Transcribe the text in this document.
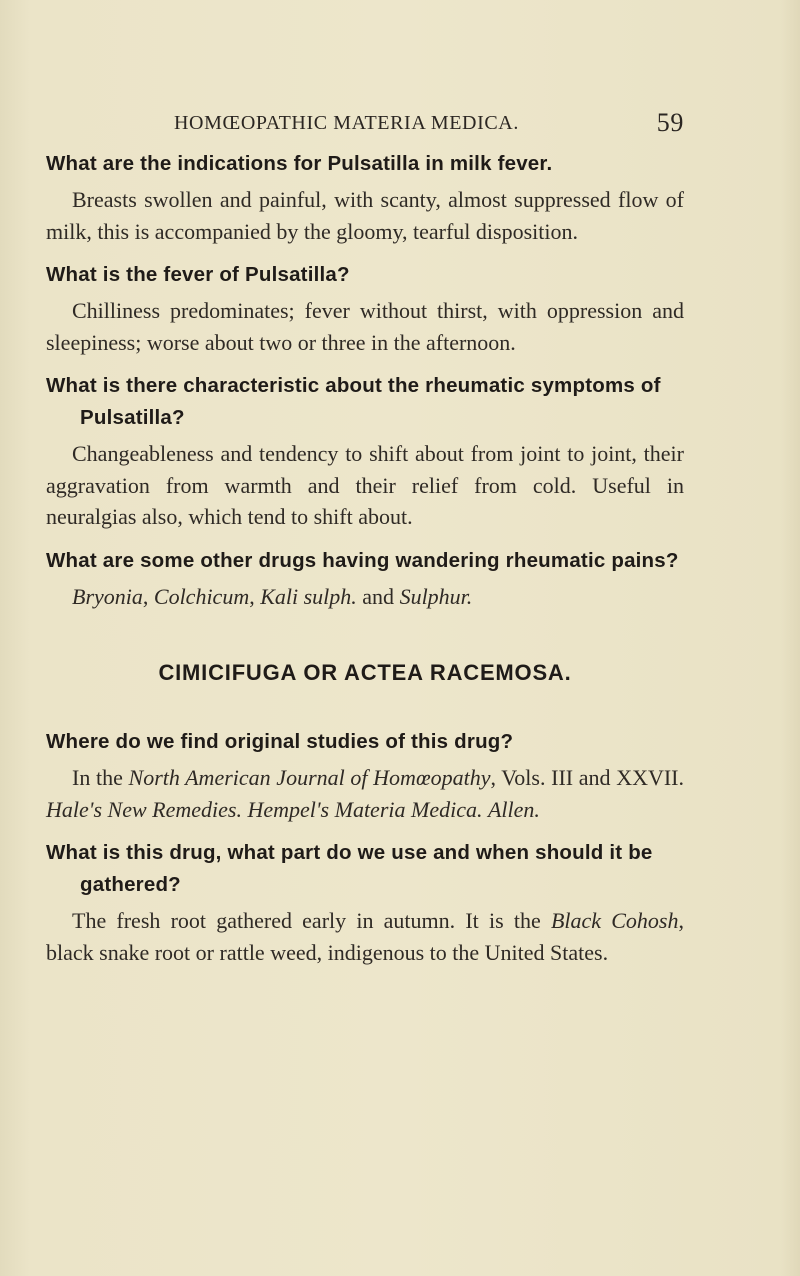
HOMŒOPATHIC MATERIA MEDICA.	59

What are the indications for Pulsatilla in milk fever.

Breasts swollen and painful, with scanty, almost suppressed flow of milk, this is accompanied by the gloomy, tearful disposition.

What is the fever of Pulsatilla?

Chilliness predominates; fever without thirst, with oppression and sleepiness; worse about two or three in the afternoon.

What is there characteristic about the rheumatic symptoms of Pulsatilla?

Changeableness and tendency to shift about from joint to joint, their aggravation from warmth and their relief from cold. Useful in neuralgias also, which tend to shift about.

What are some other drugs having wandering rheumatic pains?

Bryonia, Colchicum, Kali sulph. and Sulphur.

CIMICIFUGA OR ACTEA RACEMOSA.

Where do we find original studies of this drug?

In the North American Journal of Homœopathy, Vols. III and XXVII. Hale's New Remedies. Hempel's Materia Medica. Allen.

What is this drug, what part do we use and when should it be gathered?

The fresh root gathered early in autumn. It is the Black Cohosh, black snake root or rattle weed, indigenous to the United States.
